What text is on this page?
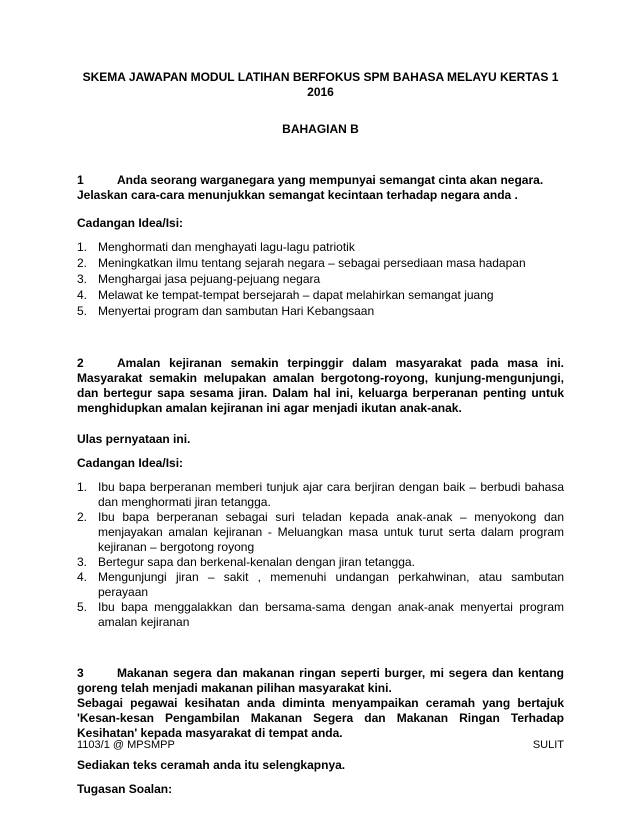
SKEMA JAWAPAN MODUL LATIHAN BERFOKUS SPM BAHASA MELAYU KERTAS 1

2016

BAHAGIAN B

1	Anda seorang warganegara yang mempunyai semangat cinta akan negara.
Jelaskan cara-cara menunjukkan semangat kecintaan terhadap negara anda .

Cadangan Idea/Isi:

1. Menghormati dan menghayati lagu-lagu patriotik
2. Meningkatkan ilmu tentang sejarah negara – sebagai persediaan masa hadapan
3. Menghargai jasa pejuang-pejuang negara
4. Melawat ke tempat-tempat bersejarah – dapat melahirkan semangat juang
5. Menyertai program dan sambutan Hari Kebangsaan

2	Amalan kejiranan semakin terpinggir dalam masyarakat pada masa ini. Masyarakat semakin melupakan amalan bergotong-royong, kunjung-mengunjungi, dan bertegur sapa sesama jiran. Dalam hal ini, keluarga berperanan penting untuk menghidupkan amalan kejiranan ini agar menjadi ikutan anak-anak.

Ulas pernyataan ini.

Cadangan Idea/Isi:

1. Ibu bapa berperanan memberi tunjuk ajar cara berjiran dengan baik – berbudi bahasa dan menghormati jiran tetangga.
2. Ibu bapa berperanan sebagai suri teladan kepada anak-anak – menyokong dan menjayakan amalan kejiranan - Meluangkan masa untuk turut serta dalam program kejiranan – bergotong royong
3. Bertegur sapa dan berkenal-kenalan dengan jiran tetangga.
4. Mengunjungi jiran – sakit , memenuhi undangan perkahwinan, atau sambutan perayaan
5. Ibu bapa menggalakkan dan bersama-sama dengan anak-anak menyertai program amalan kejiranan

3	Makanan segera dan makanan ringan seperti burger, mi segera dan kentang goreng telah menjadi makanan pilihan masyarakat kini.

Sebagai pegawai kesihatan anda diminta menyampaikan ceramah yang bertajuk 'Kesan-kesan Pengambilan Makanan Segera dan Makanan Ringan Terhadap Kesihatan' kepada masyarakat di tempat anda.

Sediakan teks ceramah anda itu selengkapnya.

Tugasan Soalan:

1103/1 @ MPSMPP	SULIT
